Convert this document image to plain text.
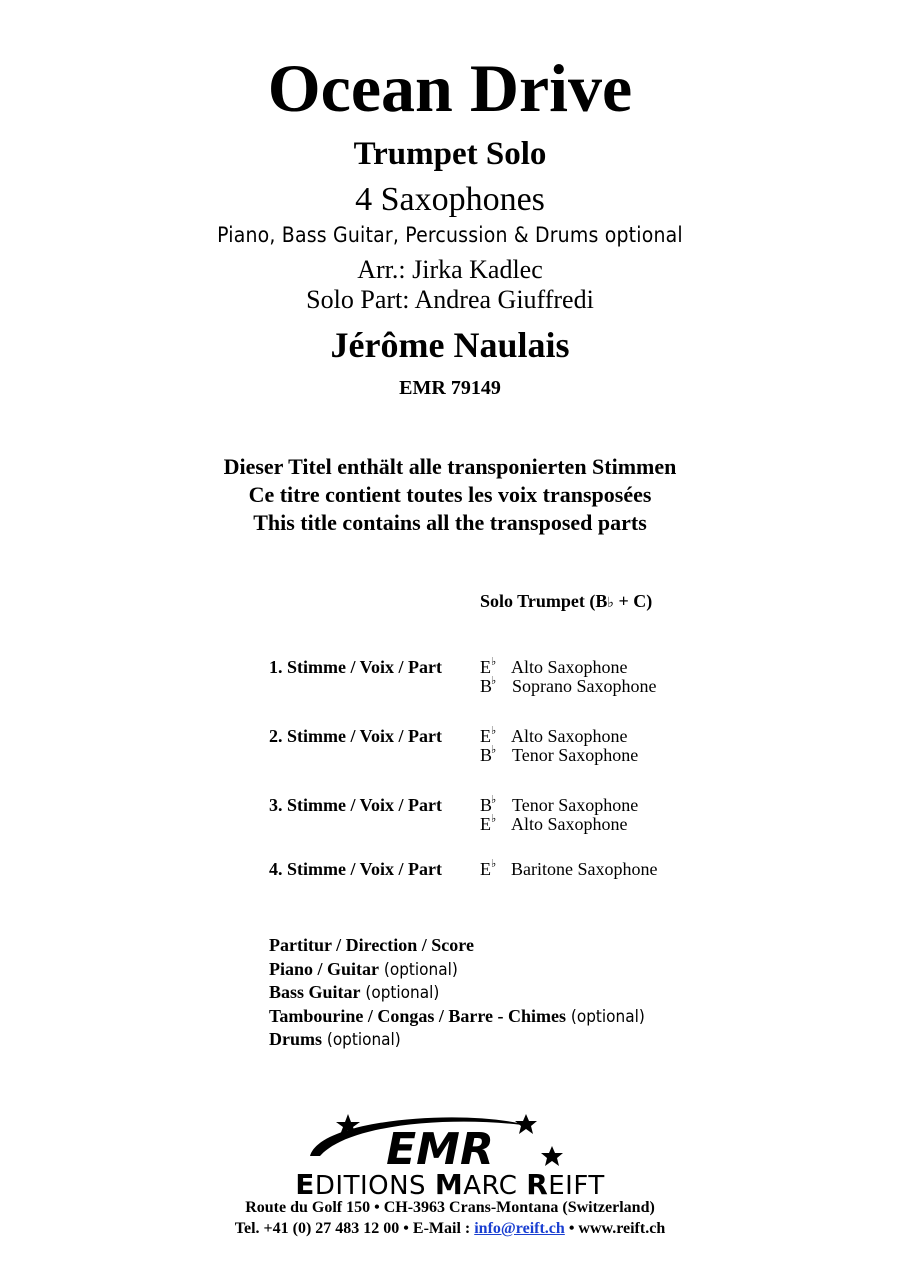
Ocean Drive
Trumpet Solo
4 Saxophones
Piano, Bass Guitar, Percussion & Drums optional
Arr.: Jirka Kadlec
Solo Part: Andrea Giuffredi
Jérôme Naulais
EMR 79149
Dieser Titel enthält alle transponierten Stimmen
Ce titre contient toutes les voix transposées
This title contains all the transposed parts
Solo Trumpet (B♭ + C)
1. Stimme / Voix / Part E ♭ Alto Saxophone
B
♭ Soprano Saxophone
2. Stimme / Voix / Part E ♭ Alto Saxophone
B
♭ Tenor Saxophone
3. Stimme / Voix / Part B
♭ Tenor Saxophone
E ♭ Alto Saxophone
4. Stimme / Voix / Part E ♭ Baritone Saxophone
Partitur / Direction / Score
Piano / Guitar (optional)
Bass Guitar (optional)
Tambourine / Congas / Barre - Chimes (optional)
Drums (optional)
EMR
EDITIONS MARC REIFT
Route du Golf 150 • CH-3963 Crans-Montana (Switzerland)
Tel. +41 (0) 27 483 12 00 • E-Mail : info@reift.ch • www.reift.ch
